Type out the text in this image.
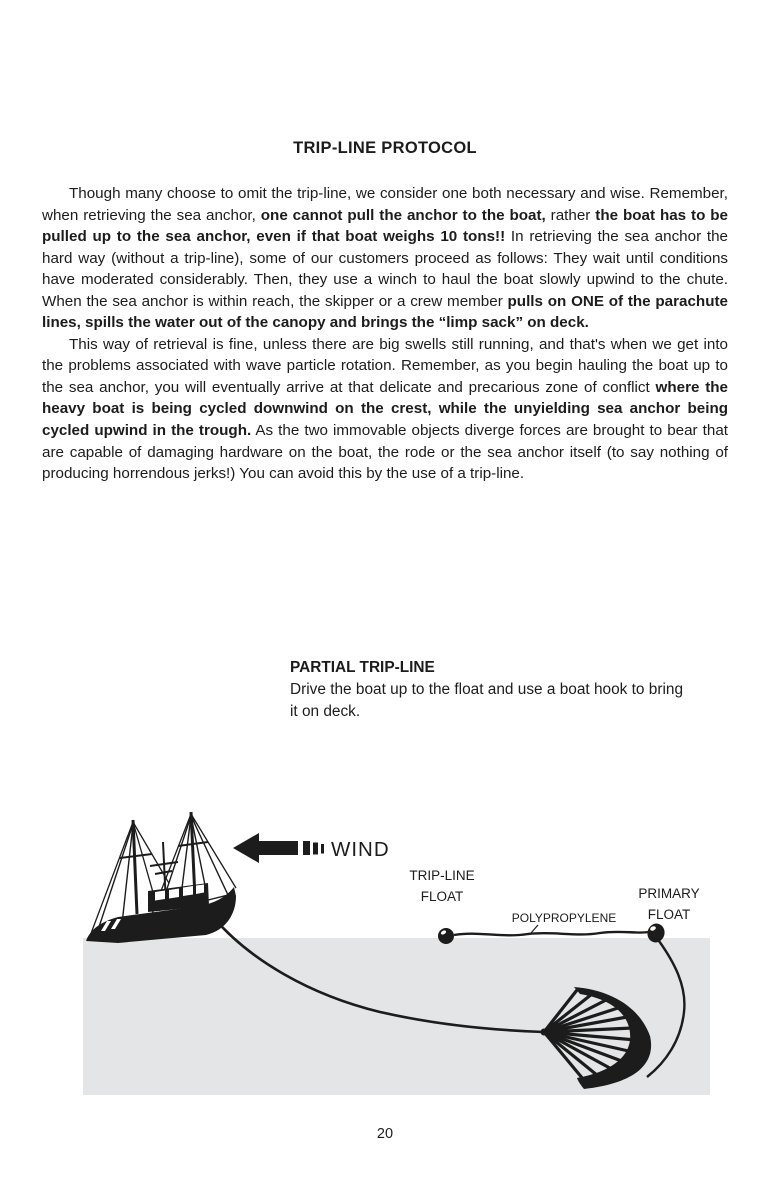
TRIP-LINE PROTOCOL

Though many choose to omit the trip-line, we consider one both necessary and wise. Remember, when retrieving the sea anchor, one cannot pull the anchor to the boat, rather the boat has to be pulled up to the sea anchor, even if that boat weighs 10 tons!! In retrieving the sea anchor the hard way (without a trip-line), some of our customers proceed as follows: They wait until conditions have moderated considerably. Then, they use a winch to haul the boat slowly upwind to the chute. When the sea anchor is within reach, the skipper or a crew member pulls on ONE of the parachute lines, spills the water out of the canopy and brings the “limp sack” on deck.

This way of retrieval is fine, unless there are big swells still running, and that's when we get into the problems associated with wave particle rotation. Remember, as you begin hauling the boat up to the sea anchor, you will eventually arrive at that delicate and precarious zone of conflict where the heavy boat is being cycled downwind on the crest, while the unyielding sea anchor being cycled upwind in the trough. As the two immovable objects diverge forces are brought to bear that are capable of damaging hardware on the boat, the rode or the sea anchor itself (to say nothing of producing horrendous jerks!) You can avoid this by the use of a trip-line.

PARTIAL TRIP-LINE
Drive the boat up to the float and use a boat hook to bring it on deck.
WIND
TRIP-LINE
FLOAT	PRIMARY
FLOAT
POLYPROPYLENE
20
